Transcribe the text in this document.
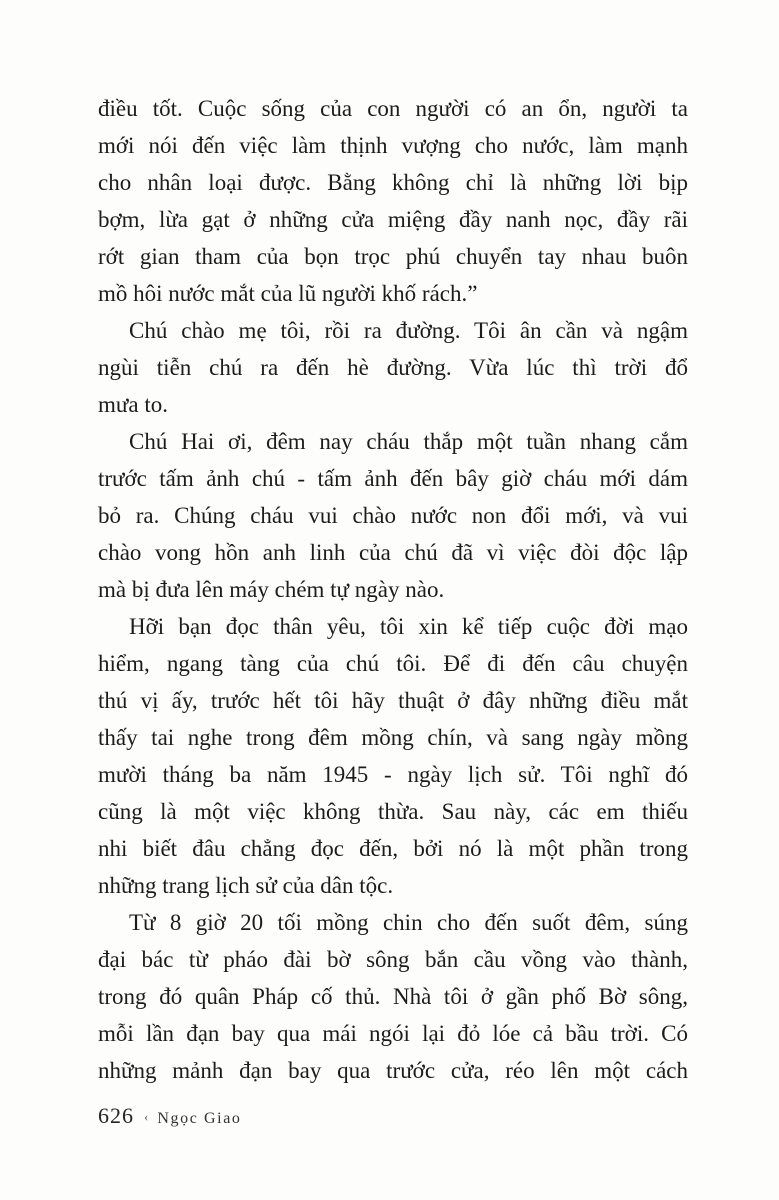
điều tốt. Cuộc sống của con người có an ổn, người ta
mới nói đến việc làm thịnh vượng cho nước, làm mạnh
cho nhân loại được. Bằng không chỉ là những lời bịp
bợm, lừa gạt ở những cửa miệng đầy nanh nọc, đầy rãi
rớt gian tham của bọn trọc phú chuyển tay nhau buôn
mồ hôi nước mắt của lũ người khố rách.”
Chú chào mẹ tôi, rồi ra đường. Tôi ân cần và ngậm
ngùi tiễn chú ra đến hè đường. Vừa lúc thì trời đổ
mưa to.
Chú Hai ơi, đêm nay cháu thắp một tuần nhang cắm
trước tấm ảnh chú - tấm ảnh đến bây giờ cháu mới dám
bỏ ra. Chúng cháu vui chào nước non đổi mới, và vui
chào vong hồn anh linh của chú đã vì việc đòi độc lập
mà bị đưa lên máy chém tự ngày nào.
Hỡi bạn đọc thân yêu, tôi xin kể tiếp cuộc đời mạo
hiểm, ngang tàng của chú tôi. Để đi đến câu chuyện
thú vị ấy, trước hết tôi hãy thuật ở đây những điều mắt
thấy tai nghe trong đêm mồng chín, và sang ngày mồng
mười tháng ba năm 1945 - ngày lịch sử. Tôi nghĩ đó
cũng là một việc không thừa. Sau này, các em thiếu
nhi biết đâu chẳng đọc đến, bởi nó là một phần trong
những trang lịch sử của dân tộc.
Từ 8 giờ 20 tối mồng chin cho đến suốt đêm, súng
đại bác từ pháo đài bờ sông bắn cầu vồng vào thành,
trong đó quân Pháp cố thủ. Nhà tôi ở gần phố Bờ sông,
mỗi lần đạn bay qua mái ngói lại đỏ lóe cả bầu trời. Có
những mảnh đạn bay qua trước cửa, réo lên một cách
626 ‹ Ngọc Giao
